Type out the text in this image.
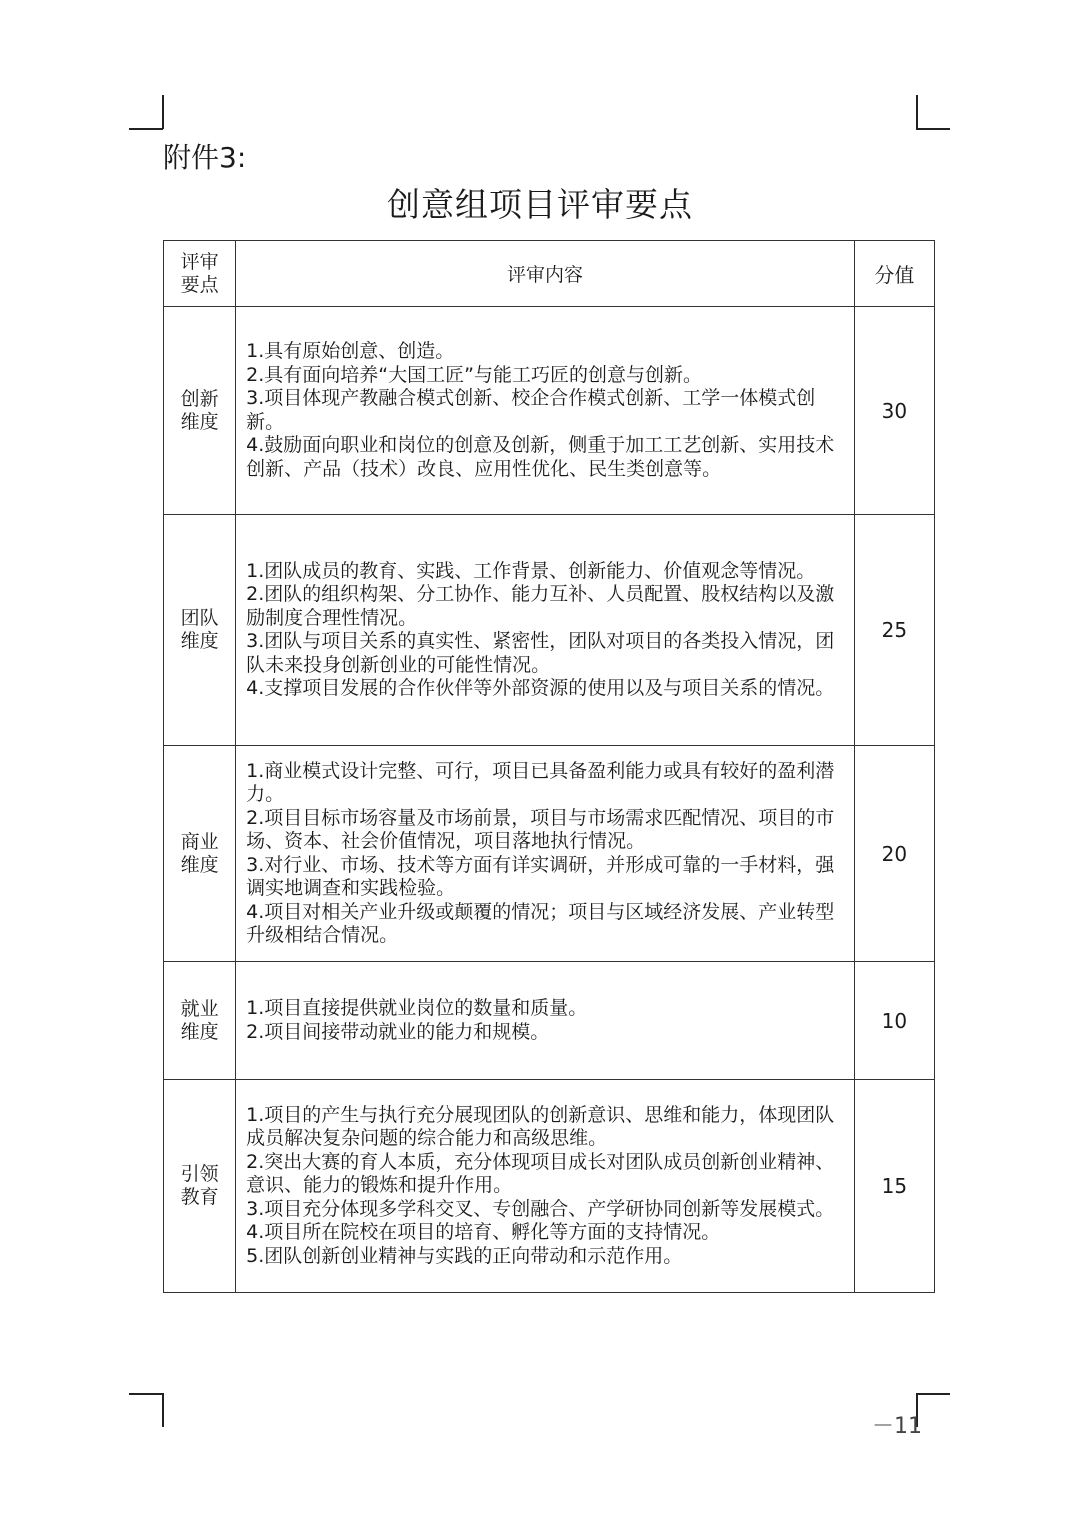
附件3:
创意组项目评审要点
评审
要点	评审内容	分值

创新
维度	1.具有原始创意、创造。
2.具有面向培养“大国工匠”与能工巧匠的创意与创新。
3.项目体现产教融合模式创新、校企合作模式创新、工学一体模式创新。
4.鼓励面向职业和岗位的创意及创新，侧重于加工工艺创新、实用技术创新、产品（技术）改良、应用性优化、民生类创意等。	30

团队
维度	1.团队成员的教育、实践、工作背景、创新能力、价值观念等情况。
2.团队的组织构架、分工协作、能力互补、人员配置、股权结构以及激励制度合理性情况。
3.团队与项目关系的真实性、紧密性，团队对项目的各类投入情况，团队未来投身创新创业的可能性情况。
4.支撑项目发展的合作伙伴等外部资源的使用以及与项目关系的情况。	25

商业
维度	1.商业模式设计完整、可行，项目已具备盈利能力或具有较好的盈利潜力。
2.项目目标市场容量及市场前景，项目与市场需求匹配情况、项目的市场、资本、社会价值情况，项目落地执行情况。
3.对行业、市场、技术等方面有详实调研，并形成可靠的一手材料，强调实地调查和实践检验。
4.项目对相关产业升级或颠覆的情况；项目与区域经济发展、产业转型升级相结合情况。	20

就业
维度	1.项目直接提供就业岗位的数量和质量。
2.项目间接带动就业的能力和规模。	10

引领
教育	1.项目的产生与执行充分展现团队的创新意识、思维和能力，体现团队成员解决复杂问题的综合能力和高级思维。
2.突出大赛的育人本质，充分体现项目成长对团队成员创新创业精神、意识、能力的锻炼和提升作用。
3.项目充分体现多学科交叉、专创融合、产学研协同创新等发展模式。
4.项目所在院校在项目的培育、孵化等方面的支持情况。
5.团队创新创业精神与实践的正向带动和示范作用。	15
－11
